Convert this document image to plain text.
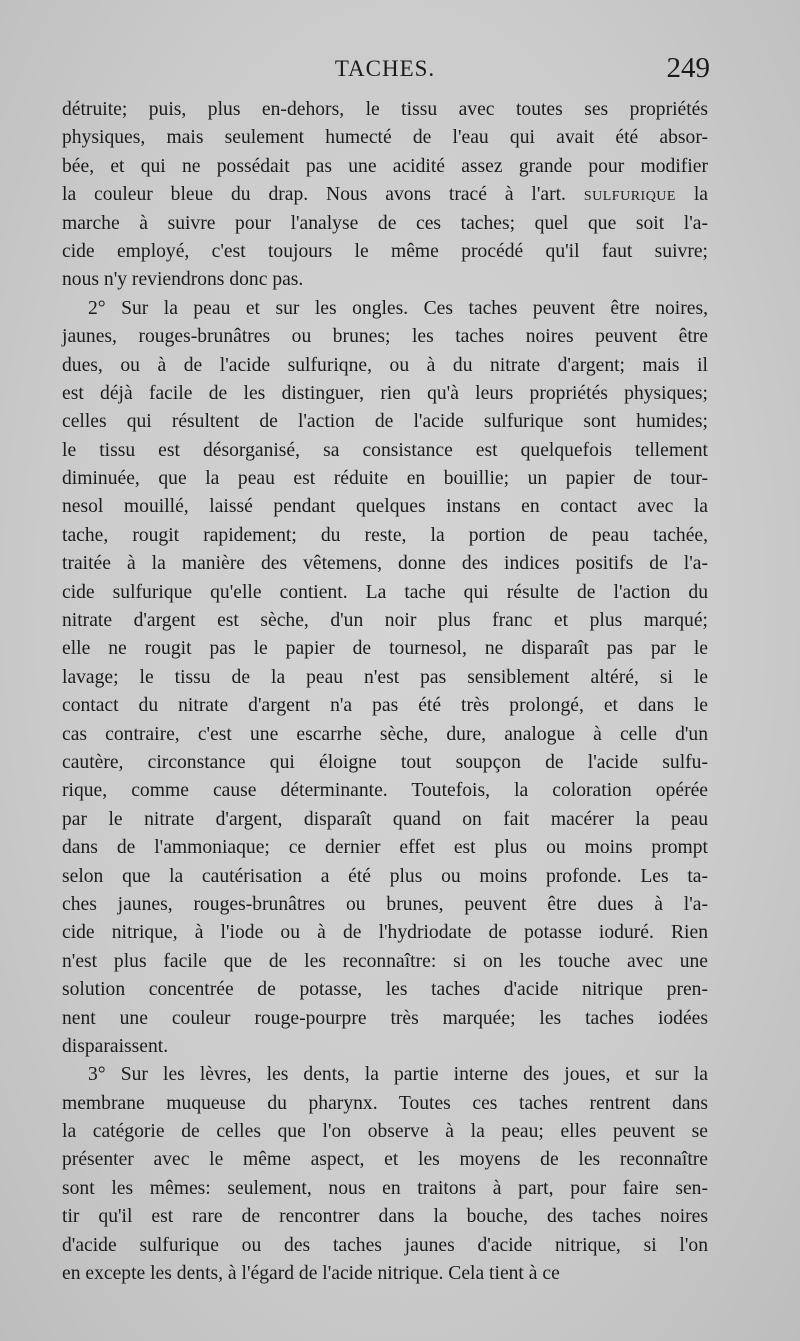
TACHES.	249
détruite; puis, plus en-dehors, le tissu avec toutes ses propriétés
physiques, mais seulement humecté de l'eau qui avait été absor-
bée, et qui ne possédait pas une acidité assez grande pour modifier
la couleur bleue du drap. Nous avons tracé à l'art. sulfurique la
marche à suivre pour l'analyse de ces taches; quel que soit l'a-
cide employé, c'est toujours le même procédé qu'il faut suivre;
nous n'y reviendrons donc pas.
2° Sur la peau et sur les ongles. Ces taches peuvent être noires,
jaunes, rouges-brunâtres ou brunes; les taches noires peuvent être
dues, ou à de l'acide sulfuriqne, ou à du nitrate d'argent; mais il
est déjà facile de les distinguer, rien qu'à leurs propriétés physiques;
celles qui résultent de l'action de l'acide sulfurique sont humides;
le tissu est désorganisé, sa consistance est quelquefois tellement
diminuée, que la peau est réduite en bouillie; un papier de tour-
nesol mouillé, laissé pendant quelques instans en contact avec la
tache, rougit rapidement; du reste, la portion de peau tachée,
traitée à la manière des vêtemens, donne des indices positifs de l'a-
cide sulfurique qu'elle contient. La tache qui résulte de l'action du
nitrate d'argent est sèche, d'un noir plus franc et plus marqué;
elle ne rougit pas le papier de tournesol, ne disparaît pas par le
lavage; le tissu de la peau n'est pas sensiblement altéré, si le
contact du nitrate d'argent n'a pas été très prolongé, et dans le
cas contraire, c'est une escarrhe sèche, dure, analogue à celle d'un
cautère, circonstance qui éloigne tout soupçon de l'acide sulfu-
rique, comme cause déterminante. Toutefois, la coloration opérée
par le nitrate d'argent, disparaît quand on fait macérer la peau
dans de l'ammoniaque; ce dernier effet est plus ou moins prompt
selon que la cautérisation a été plus ou moins profonde. Les ta-
ches jaunes, rouges-brunâtres ou brunes, peuvent être dues à l'a-
cide nitrique, à l'iode ou à de l'hydriodate de potasse ioduré. Rien
n'est plus facile que de les reconnaître: si on les touche avec une
solution concentrée de potasse, les taches d'acide nitrique pren-
nent une couleur rouge-pourpre très marquée; les taches iodées
disparaissent.
3° Sur les lèvres, les dents, la partie interne des joues, et sur la
membrane muqueuse du pharynx. Toutes ces taches rentrent dans
la catégorie de celles que l'on observe à la peau; elles peuvent se
présenter avec le même aspect, et les moyens de les reconnaître
sont les mêmes: seulement, nous en traitons à part, pour faire sen-
tir qu'il est rare de rencontrer dans la bouche, des taches noires
d'acide sulfurique ou des taches jaunes d'acide nitrique, si l'on
en excepte les dents, à l'égard de l'acide nitrique. Cela tient à ce
